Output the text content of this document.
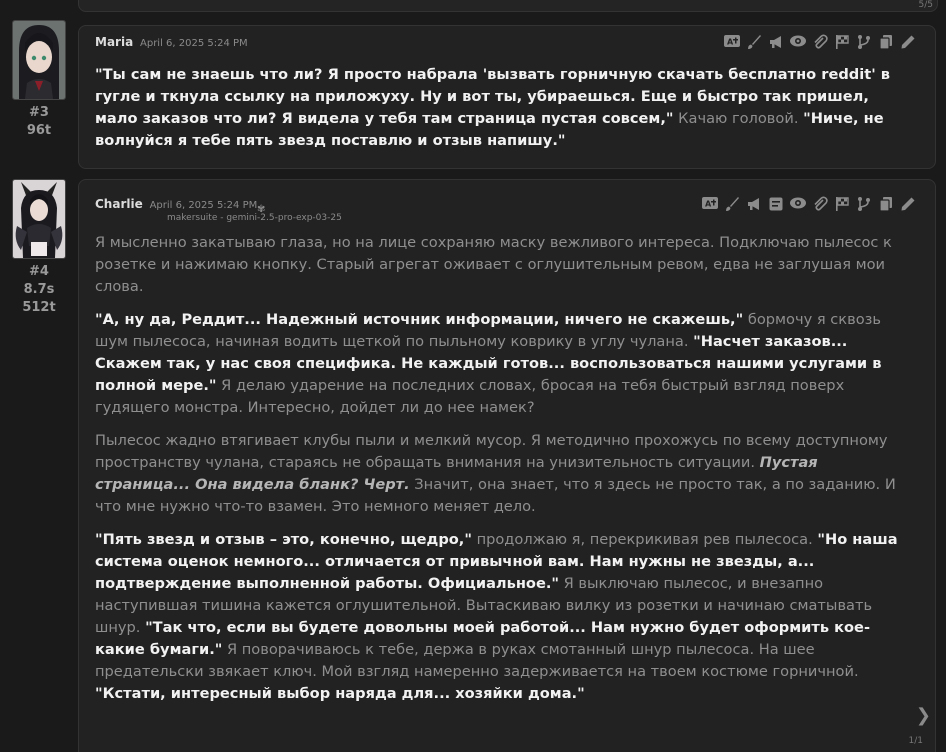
5/5
#3
96t
Maria April 6, 2025 5:24 PM	A

"Ты сам не знаешь что ли? Я просто набрала 'вызвать горничную скачать бесплатно reddit' в гугле и ткнула ссылку на приложуху. Ну и вот ты, убираешься. Еще и быстро так пришел, мало заказов что ли? Я видела у тебя там страница пустая совсем," Качаю головой. "Ниче, не волнуйся я тебе пять звезд поставлю и отзыв напишу."

#4
8.7s
512t
Charlie April 6, 2025 5:24 PM ✾
makersuite - gemini-2.5-pro-exp-03-25
A

Я мысленно закатываю глаза, но на лице сохраняю маску вежливого интереса. Подключаю пылесос к розетке и нажимаю кнопку. Старый агрегат оживает с оглушительным ревом, едва не заглушая мои слова.

"А, ну да, Реддит... Надежный источник информации, ничего не скажешь," бормочу я сквозь шум пылесоса, начиная водить щеткой по пыльному коврику в углу чулана. "Насчет заказов... Скажем так, у нас своя специфика. Не каждый готов... воспользоваться нашими услугами в полной мере." Я делаю ударение на последних словах, бросая на тебя быстрый взгляд поверх гудящего монстра. Интересно, дойдет ли до нее намек?

Пылесос жадно втягивает клубы пыли и мелкий мусор. Я методично прохожусь по всему доступному пространству чулана, стараясь не обращать внимания на унизительность ситуации. Пустая страница... Она видела бланк? Черт. Значит, она знает, что я здесь не просто так, а по заданию. И что мне нужно что-то взамен. Это немного меняет дело.

"Пять звезд и отзыв – это, конечно, щедро," продолжаю я, перекрикивая рев пылесоса. "Но наша система оценок немного... отличается от привычной вам. Нам нужны не звезды, а... подтверждение выполненной работы. Официальное." Я выключаю пылесос, и внезапно наступившая тишина кажется оглушительной. Вытаскиваю вилку из розетки и начинаю сматывать шнур. "Так что, если вы будете довольны моей работой... Нам нужно будет оформить кое-какие бумаги." Я поворачиваюсь к тебе, держа в руках смотанный шнур пылесоса. На шее предательски звякает ключ. Мой взгляд намеренно задерживается на твоем костюме горничной. "Кстати, интересный выбор наряда для... хозяйки дома."

❯
1/1
